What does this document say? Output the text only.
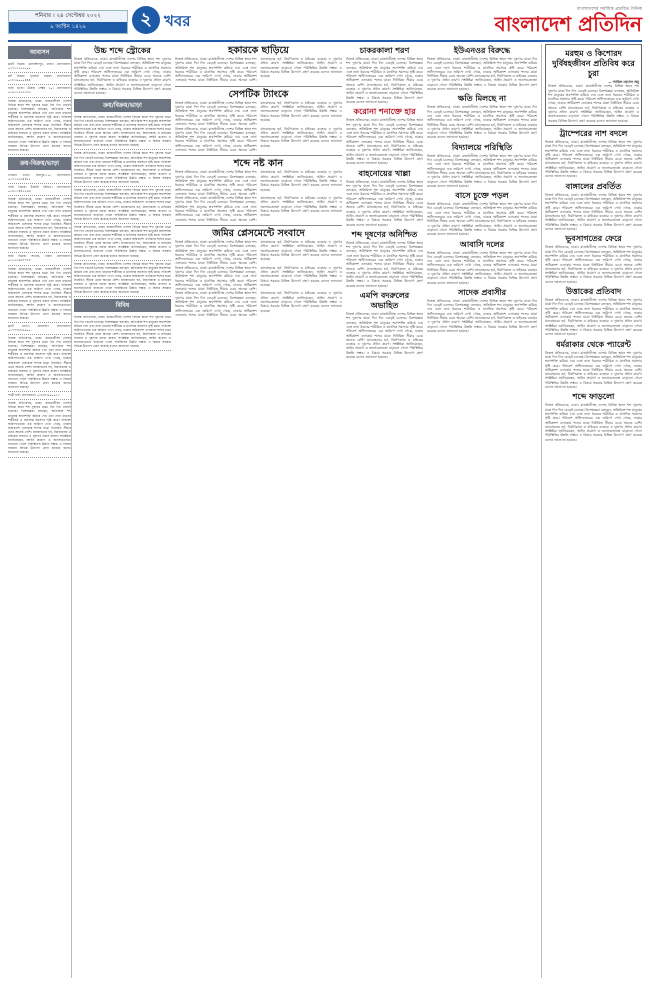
শনিবার । ২৪ সেপ্টেম্বর ২০২২
৯ আশ্বিন ১৪২৯	২ খবর
বাংলাদেশের সর্বাধিক প্রচারিত দৈনিক
বাংলাদেশ প্রতিদিন
আবাসন
ফ্ল্যাট বিক্রয়: মোহাম্মদপুর, ঢাকা। যোগাযোগ: ০১৭১১৫৫৫০০০
প্লট বিক্রয়: পূর্বাচল প্রকল্প। যোগাযোগ: ০১৮১৯০০০৪৪৪
বাড়ি ভাড়া: উত্তরা সেক্টর ১০। যোগাযোগ: ০১৯১১২২২৩৩৩
নিজস্ব প্রতিবেদক, ঢাকা। রাজধানীসহ দেশের বিভিন্ন স্থানে শব্দ দূষণের মাত্রা দিন দিন বেড়েই চলেছে। বিশেষজ্ঞরা বলছেন, অতিরিক্ত শব্দ মানুষের শ্রবণশক্তি কমিয়ে দেয় এবং নানা ধরনের শারীরিক ও মানসিক সমস্যার সৃষ্টি করে। পরিবেশ অধিদফতরের এক জরিপে দেখা গেছে, ঢাকার অধিকাংশ এলাকায় শব্দের মাত্রা নির্ধারিত সীমার চেয়ে অনেক বেশি। যানবাহনের হর্ন, নির্মাণকাজ ও মাইকের ব্যবহার এ দূষণের প্রধান কারণ। সংশ্লিষ্টরা জানিয়েছেন, আইন প্রয়োগ ও জনসচেতনতা বাড়ানো গেলে পরিস্থিতির উন্নতি সম্ভব। এ বিষয়ে সরকার বিভিন্ন উদ্যোগ গ্রহণ করেছে বলেও জানানো হয়েছে।
ক্রয়-বিক্রয়/ভাড়া
দোকান ভাড়া: মিরপুর-১০। যোগাযোগ: ০১৭১২৩৩৪৪৫৫
গাড়ি বিক্রয়: টয়োটা প্রিমিও। যোগাযোগ: ০১৬১১৪৪৫৫৬৬
নিজস্ব প্রতিবেদক, ঢাকা। রাজধানীসহ দেশের বিভিন্ন স্থানে শব্দ দূষণের মাত্রা দিন দিন বেড়েই চলেছে। বিশেষজ্ঞরা বলছেন, অতিরিক্ত শব্দ মানুষের শ্রবণশক্তি কমিয়ে দেয় এবং নানা ধরনের শারীরিক ও মানসিক সমস্যার সৃষ্টি করে। পরিবেশ অধিদফতরের এক জরিপে দেখা গেছে, ঢাকার অধিকাংশ এলাকায় শব্দের মাত্রা নির্ধারিত সীমার চেয়ে অনেক বেশি। যানবাহনের হর্ন, নির্মাণকাজ ও মাইকের ব্যবহার এ দূষণের প্রধান কারণ। সংশ্লিষ্টরা জানিয়েছেন, আইন প্রয়োগ ও জনসচেতনতা বাড়ানো গেলে পরিস্থিতির উন্নতি সম্ভব। এ বিষয়ে সরকার বিভিন্ন উদ্যোগ গ্রহণ করেছে বলেও জানানো হয়েছে।
জমি বিক্রয়: সাভার, ঢাকা। যোগাযোগ: ০১৫৫৫৬৬৭৭৮৮
নিজস্ব প্রতিবেদক, ঢাকা। রাজধানীসহ দেশের বিভিন্ন স্থানে শব্দ দূষণের মাত্রা দিন দিন বেড়েই চলেছে। বিশেষজ্ঞরা বলছেন, অতিরিক্ত শব্দ মানুষের শ্রবণশক্তি কমিয়ে দেয় এবং নানা ধরনের শারীরিক ও মানসিক সমস্যার সৃষ্টি করে। পরিবেশ অধিদফতরের এক জরিপে দেখা গেছে, ঢাকার অধিকাংশ এলাকায় শব্দের মাত্রা নির্ধারিত সীমার চেয়ে অনেক বেশি। যানবাহনের হর্ন, নির্মাণকাজ ও মাইকের ব্যবহার এ দূষণের প্রধান কারণ। সংশ্লিষ্টরা জানিয়েছেন, আইন প্রয়োগ ও জনসচেতনতা বাড়ানো গেলে পরিস্থিতির উন্নতি সম্ভব। এ বিষয়ে সরকার বিভিন্ন উদ্যোগ গ্রহণ করেছে বলেও জানানো হয়েছে।
ফ্ল্যাট ভাড়া: ধানমন্ডি। যোগাযোগ: ০১৭৭৭৮৮৯৯০০
নিজস্ব প্রতিবেদক, ঢাকা। রাজধানীসহ দেশের বিভিন্ন স্থানে শব্দ দূষণের মাত্রা দিন দিন বেড়েই চলেছে। বিশেষজ্ঞরা বলছেন, অতিরিক্ত শব্দ মানুষের শ্রবণশক্তি কমিয়ে দেয় এবং নানা ধরনের শারীরিক ও মানসিক সমস্যার সৃষ্টি করে। পরিবেশ অধিদফতরের এক জরিপে দেখা গেছে, ঢাকার অধিকাংশ এলাকায় শব্দের মাত্রা নির্ধারিত সীমার চেয়ে অনেক বেশি। যানবাহনের হর্ন, নির্মাণকাজ ও মাইকের ব্যবহার এ দূষণের প্রধান কারণ। সংশ্লিষ্টরা জানিয়েছেন, আইন প্রয়োগ ও জনসচেতনতা বাড়ানো গেলে পরিস্থিতির উন্নতি সম্ভব। এ বিষয়ে সরকার বিভিন্ন উদ্যোগ গ্রহণ করেছে বলেও জানানো হয়েছে।
পাত্রী চাই: যোগাযোগ: ০১৮৮৮৯৯০০১১
নিজস্ব প্রতিবেদক, ঢাকা। রাজধানীসহ দেশের বিভিন্ন স্থানে শব্দ দূষণের মাত্রা দিন দিন বেড়েই চলেছে। বিশেষজ্ঞরা বলছেন, অতিরিক্ত শব্দ মানুষের শ্রবণশক্তি কমিয়ে দেয় এবং নানা ধরনের শারীরিক ও মানসিক সমস্যার সৃষ্টি করে। পরিবেশ অধিদফতরের এক জরিপে দেখা গেছে, ঢাকার অধিকাংশ এলাকায় শব্দের মাত্রা নির্ধারিত সীমার চেয়ে অনেক বেশি। যানবাহনের হর্ন, নির্মাণকাজ ও মাইকের ব্যবহার এ দূষণের প্রধান কারণ। সংশ্লিষ্টরা জানিয়েছেন, আইন প্রয়োগ ও জনসচেতনতা বাড়ানো গেলে পরিস্থিতির উন্নতি সম্ভব। এ বিষয়ে সরকার বিভিন্ন উদ্যোগ গ্রহণ করেছে বলেও জানানো হয়েছে।
উচ্চ শব্দে স্ট্রোকের
নিজস্ব প্রতিবেদক, ঢাকা। রাজধানীসহ দেশের বিভিন্ন স্থানে শব্দ দূষণের মাত্রা দিন দিন বেড়েই চলেছে। বিশেষজ্ঞরা বলছেন, অতিরিক্ত শব্দ মানুষের শ্রবণশক্তি কমিয়ে দেয় এবং নানা ধরনের শারীরিক ও মানসিক সমস্যার সৃষ্টি করে। পরিবেশ অধিদফতরের এক জরিপে দেখা গেছে, ঢাকার অধিকাংশ এলাকায় শব্দের মাত্রা নির্ধারিত সীমার চেয়ে অনেক বেশি। যানবাহনের হর্ন, নির্মাণকাজ ও মাইকের ব্যবহার এ দূষণের প্রধান কারণ। সংশ্লিষ্টরা জানিয়েছেন, আইন প্রয়োগ ও জনসচেতনতা বাড়ানো গেলে পরিস্থিতির উন্নতি সম্ভব। এ বিষয়ে সরকার বিভিন্ন উদ্যোগ গ্রহণ করেছে বলেও জানানো হয়েছে।
ক্রয়/বিক্রয়/ভাড়া
নিজস্ব প্রতিবেদক, ঢাকা। রাজধানীসহ দেশের বিভিন্ন স্থানে শব্দ দূষণের মাত্রা দিন দিন বেড়েই চলেছে। বিশেষজ্ঞরা বলছেন, অতিরিক্ত শব্দ মানুষের শ্রবণশক্তি কমিয়ে দেয় এবং নানা ধরনের শারীরিক ও মানসিক সমস্যার সৃষ্টি করে। পরিবেশ অধিদফতরের এক জরিপে দেখা গেছে, ঢাকার অধিকাংশ এলাকায় শব্দের মাত্রা নির্ধারিত সীমার চেয়ে অনেক বেশি। যানবাহনের হর্ন, নির্মাণকাজ ও মাইকের ব্যবহার এ দূষণের প্রধান কারণ। সংশ্লিষ্টরা জানিয়েছেন, আইন প্রয়োগ ও জনসচেতনতা বাড়ানো গেলে পরিস্থিতির উন্নতি সম্ভব। এ বিষয়ে সরকার বিভিন্ন উদ্যোগ গ্রহণ করেছে বলেও জানানো হয়েছে।
নিজস্ব প্রতিবেদক, ঢাকা। রাজধানীসহ দেশের বিভিন্ন স্থানে শব্দ দূষণের মাত্রা দিন দিন বেড়েই চলেছে। বিশেষজ্ঞরা বলছেন, অতিরিক্ত শব্দ মানুষের শ্রবণশক্তি কমিয়ে দেয় এবং নানা ধরনের শারীরিক ও মানসিক সমস্যার সৃষ্টি করে। পরিবেশ অধিদফতরের এক জরিপে দেখা গেছে, ঢাকার অধিকাংশ এলাকায় শব্দের মাত্রা নির্ধারিত সীমার চেয়ে অনেক বেশি। যানবাহনের হর্ন, নির্মাণকাজ ও মাইকের ব্যবহার এ দূষণের প্রধান কারণ। সংশ্লিষ্টরা জানিয়েছেন, আইন প্রয়োগ ও জনসচেতনতা বাড়ানো গেলে পরিস্থিতির উন্নতি সম্ভব। এ বিষয়ে সরকার বিভিন্ন উদ্যোগ গ্রহণ করেছে বলেও জানানো হয়েছে।
নিজস্ব প্রতিবেদক, ঢাকা। রাজধানীসহ দেশের বিভিন্ন স্থানে শব্দ দূষণের মাত্রা দিন দিন বেড়েই চলেছে। বিশেষজ্ঞরা বলছেন, অতিরিক্ত শব্দ মানুষের শ্রবণশক্তি কমিয়ে দেয় এবং নানা ধরনের শারীরিক ও মানসিক সমস্যার সৃষ্টি করে। পরিবেশ অধিদফতরের এক জরিপে দেখা গেছে, ঢাকার অধিকাংশ এলাকায় শব্দের মাত্রা নির্ধারিত সীমার চেয়ে অনেক বেশি। যানবাহনের হর্ন, নির্মাণকাজ ও মাইকের ব্যবহার এ দূষণের প্রধান কারণ। সংশ্লিষ্টরা জানিয়েছেন, আইন প্রয়োগ ও জনসচেতনতা বাড়ানো গেলে পরিস্থিতির উন্নতি সম্ভব। এ বিষয়ে সরকার বিভিন্ন উদ্যোগ গ্রহণ করেছে বলেও জানানো হয়েছে।
নিজস্ব প্রতিবেদক, ঢাকা। রাজধানীসহ দেশের বিভিন্ন স্থানে শব্দ দূষণের মাত্রা দিন দিন বেড়েই চলেছে। বিশেষজ্ঞরা বলছেন, অতিরিক্ত শব্দ মানুষের শ্রবণশক্তি কমিয়ে দেয় এবং নানা ধরনের শারীরিক ও মানসিক সমস্যার সৃষ্টি করে। পরিবেশ অধিদফতরের এক জরিপে দেখা গেছে, ঢাকার অধিকাংশ এলাকায় শব্দের মাত্রা নির্ধারিত সীমার চেয়ে অনেক বেশি। যানবাহনের হর্ন, নির্মাণকাজ ও মাইকের ব্যবহার এ দূষণের প্রধান কারণ। সংশ্লিষ্টরা জানিয়েছেন, আইন প্রয়োগ ও জনসচেতনতা বাড়ানো গেলে পরিস্থিতির উন্নতি সম্ভব। এ বিষয়ে সরকার বিভিন্ন উদ্যোগ গ্রহণ করেছে বলেও জানানো হয়েছে।
নিজস্ব প্রতিবেদক, ঢাকা। রাজধানীসহ দেশের বিভিন্ন স্থানে শব্দ দূষণের মাত্রা দিন দিন বেড়েই চলেছে। বিশেষজ্ঞরা বলছেন, অতিরিক্ত শব্দ মানুষের শ্রবণশক্তি কমিয়ে দেয় এবং নানা ধরনের শারীরিক ও মানসিক সমস্যার সৃষ্টি করে। পরিবেশ অধিদফতরের এক জরিপে দেখা গেছে, ঢাকার অধিকাংশ এলাকায় শব্দের মাত্রা নির্ধারিত সীমার চেয়ে অনেক বেশি। যানবাহনের হর্ন, নির্মাণকাজ ও মাইকের ব্যবহার এ দূষণের প্রধান কারণ। সংশ্লিষ্টরা জানিয়েছেন, আইন প্রয়োগ ও জনসচেতনতা বাড়ানো গেলে পরিস্থিতির উন্নতি সম্ভব। এ বিষয়ে সরকার বিভিন্ন উদ্যোগ গ্রহণ করেছে বলেও জানানো হয়েছে।
বিবিধ
নিজস্ব প্রতিবেদক, ঢাকা। রাজধানীসহ দেশের বিভিন্ন স্থানে শব্দ দূষণের মাত্রা দিন দিন বেড়েই চলেছে। বিশেষজ্ঞরা বলছেন, অতিরিক্ত শব্দ মানুষের শ্রবণশক্তি কমিয়ে দেয় এবং নানা ধরনের শারীরিক ও মানসিক সমস্যার সৃষ্টি করে। পরিবেশ অধিদফতরের এক জরিপে দেখা গেছে, ঢাকার অধিকাংশ এলাকায় শব্দের মাত্রা নির্ধারিত সীমার চেয়ে অনেক বেশি। যানবাহনের হর্ন, নির্মাণকাজ ও মাইকের ব্যবহার এ দূষণের প্রধান কারণ। সংশ্লিষ্টরা জানিয়েছেন, আইন প্রয়োগ ও জনসচেতনতা বাড়ানো গেলে পরিস্থিতির উন্নতি সম্ভব। এ বিষয়ে সরকার বিভিন্ন উদ্যোগ গ্রহণ করেছে বলেও জানানো হয়েছে।
হকারকে ছাড়িয়ে
নিজস্ব প্রতিবেদক, ঢাকা। রাজধানীসহ দেশের বিভিন্ন স্থানে শব্দ দূষণের মাত্রা দিন দিন বেড়েই চলেছে। বিশেষজ্ঞরা বলছেন, অতিরিক্ত শব্দ মানুষের শ্রবণশক্তি কমিয়ে দেয় এবং নানা ধরনের শারীরিক ও মানসিক সমস্যার সৃষ্টি করে। পরিবেশ অধিদফতরের এক জরিপে দেখা গেছে, ঢাকার অধিকাংশ এলাকায় শব্দের মাত্রা নির্ধারিত সীমার চেয়ে অনেক বেশি। যানবাহনের হর্ন, নির্মাণকাজ ও মাইকের ব্যবহার এ দূষণের প্রধান কারণ। সংশ্লিষ্টরা জানিয়েছেন, আইন প্রয়োগ ও জনসচেতনতা বাড়ানো গেলে পরিস্থিতির উন্নতি সম্ভব। এ বিষয়ে সরকার বিভিন্ন উদ্যোগ গ্রহণ করেছে বলেও জানানো হয়েছে।
সেপটিক ট্যাংকে
নিজস্ব প্রতিবেদক, ঢাকা। রাজধানীসহ দেশের বিভিন্ন স্থানে শব্দ দূষণের মাত্রা দিন দিন বেড়েই চলেছে। বিশেষজ্ঞরা বলছেন, অতিরিক্ত শব্দ মানুষের শ্রবণশক্তি কমিয়ে দেয় এবং নানা ধরনের শারীরিক ও মানসিক সমস্যার সৃষ্টি করে। পরিবেশ অধিদফতরের এক জরিপে দেখা গেছে, ঢাকার অধিকাংশ এলাকায় শব্দের মাত্রা নির্ধারিত সীমার চেয়ে অনেক বেশি। যানবাহনের হর্ন, নির্মাণকাজ ও মাইকের ব্যবহার এ দূষণের প্রধান কারণ। সংশ্লিষ্টরা জানিয়েছেন, আইন প্রয়োগ ও জনসচেতনতা বাড়ানো গেলে পরিস্থিতির উন্নতি সম্ভব। এ বিষয়ে সরকার বিভিন্ন উদ্যোগ গ্রহণ করেছে বলেও জানানো হয়েছে।
নিজস্ব প্রতিবেদক, ঢাকা। রাজধানীসহ দেশের বিভিন্ন স্থানে শব্দ দূষণের মাত্রা দিন দিন বেড়েই চলেছে। বিশেষজ্ঞরা বলছেন, অতিরিক্ত শব্দ মানুষের শ্রবণশক্তি কমিয়ে দেয় এবং নানা ধরনের শারীরিক ও মানসিক সমস্যার সৃষ্টি করে। পরিবেশ অধিদফতরের এক জরিপে দেখা গেছে, ঢাকার অধিকাংশ এলাকায় শব্দের মাত্রা নির্ধারিত সীমার চেয়ে অনেক বেশি। যানবাহনের হর্ন, নির্মাণকাজ ও মাইকের ব্যবহার এ দূষণের প্রধান কারণ। সংশ্লিষ্টরা জানিয়েছেন, আইন প্রয়োগ ও জনসচেতনতা বাড়ানো গেলে পরিস্থিতির উন্নতি সম্ভব। এ বিষয়ে সরকার বিভিন্ন উদ্যোগ গ্রহণ করেছে বলেও জানানো হয়েছে।
শব্দে নষ্ট কান
নিজস্ব প্রতিবেদক, ঢাকা। রাজধানীসহ দেশের বিভিন্ন স্থানে শব্দ দূষণের মাত্রা দিন দিন বেড়েই চলেছে। বিশেষজ্ঞরা বলছেন, অতিরিক্ত শব্দ মানুষের শ্রবণশক্তি কমিয়ে দেয় এবং নানা ধরনের শারীরিক ও মানসিক সমস্যার সৃষ্টি করে। পরিবেশ অধিদফতরের এক জরিপে দেখা গেছে, ঢাকার অধিকাংশ এলাকায় শব্দের মাত্রা নির্ধারিত সীমার চেয়ে অনেক বেশি। যানবাহনের হর্ন, নির্মাণকাজ ও মাইকের ব্যবহার এ দূষণের প্রধান কারণ। সংশ্লিষ্টরা জানিয়েছেন, আইন প্রয়োগ ও জনসচেতনতা বাড়ানো গেলে পরিস্থিতির উন্নতি সম্ভব। এ বিষয়ে সরকার বিভিন্ন উদ্যোগ গ্রহণ করেছে বলেও জানানো হয়েছে।
নিজস্ব প্রতিবেদক, ঢাকা। রাজধানীসহ দেশের বিভিন্ন স্থানে শব্দ দূষণের মাত্রা দিন দিন বেড়েই চলেছে। বিশেষজ্ঞরা বলছেন, অতিরিক্ত শব্দ মানুষের শ্রবণশক্তি কমিয়ে দেয় এবং নানা ধরনের শারীরিক ও মানসিক সমস্যার সৃষ্টি করে। পরিবেশ অধিদফতরের এক জরিপে দেখা গেছে, ঢাকার অধিকাংশ এলাকায় শব্দের মাত্রা নির্ধারিত সীমার চেয়ে অনেক বেশি। যানবাহনের হর্ন, নির্মাণকাজ ও মাইকের ব্যবহার এ দূষণের প্রধান কারণ। সংশ্লিষ্টরা জানিয়েছেন, আইন প্রয়োগ ও জনসচেতনতা বাড়ানো গেলে পরিস্থিতির উন্নতি সম্ভব। এ বিষয়ে সরকার বিভিন্ন উদ্যোগ গ্রহণ করেছে বলেও জানানো হয়েছে।
জমির প্লেসমেন্টে সংবাদে
নিজস্ব প্রতিবেদক, ঢাকা। রাজধানীসহ দেশের বিভিন্ন স্থানে শব্দ দূষণের মাত্রা দিন দিন বেড়েই চলেছে। বিশেষজ্ঞরা বলছেন, অতিরিক্ত শব্দ মানুষের শ্রবণশক্তি কমিয়ে দেয় এবং নানা ধরনের শারীরিক ও মানসিক সমস্যার সৃষ্টি করে। পরিবেশ অধিদফতরের এক জরিপে দেখা গেছে, ঢাকার অধিকাংশ এলাকায় শব্দের মাত্রা নির্ধারিত সীমার চেয়ে অনেক বেশি। যানবাহনের হর্ন, নির্মাণকাজ ও মাইকের ব্যবহার এ দূষণের প্রধান কারণ। সংশ্লিষ্টরা জানিয়েছেন, আইন প্রয়োগ ও জনসচেতনতা বাড়ানো গেলে পরিস্থিতির উন্নতি সম্ভব। এ বিষয়ে সরকার বিভিন্ন উদ্যোগ গ্রহণ করেছে বলেও জানানো হয়েছে।
নিজস্ব প্রতিবেদক, ঢাকা। রাজধানীসহ দেশের বিভিন্ন স্থানে শব্দ দূষণের মাত্রা দিন দিন বেড়েই চলেছে। বিশেষজ্ঞরা বলছেন, অতিরিক্ত শব্দ মানুষের শ্রবণশক্তি কমিয়ে দেয় এবং নানা ধরনের শারীরিক ও মানসিক সমস্যার সৃষ্টি করে। পরিবেশ অধিদফতরের এক জরিপে দেখা গেছে, ঢাকার অধিকাংশ এলাকায় শব্দের মাত্রা নির্ধারিত সীমার চেয়ে অনেক বেশি। যানবাহনের হর্ন, নির্মাণকাজ ও মাইকের ব্যবহার এ দূষণের প্রধান কারণ। সংশ্লিষ্টরা জানিয়েছেন, আইন প্রয়োগ ও জনসচেতনতা বাড়ানো গেলে পরিস্থিতির উন্নতি সম্ভব। এ বিষয়ে সরকার বিভিন্ন উদ্যোগ গ্রহণ করেছে বলেও জানানো হয়েছে।
নিজস্ব প্রতিবেদক, ঢাকা। রাজধানীসহ দেশের বিভিন্ন স্থানে শব্দ দূষণের মাত্রা দিন দিন বেড়েই চলেছে। বিশেষজ্ঞরা বলছেন, অতিরিক্ত শব্দ মানুষের শ্রবণশক্তি কমিয়ে দেয় এবং নানা ধরনের শারীরিক ও মানসিক সমস্যার সৃষ্টি করে। পরিবেশ অধিদফতরের এক জরিপে দেখা গেছে, ঢাকার অধিকাংশ এলাকায় শব্দের মাত্রা নির্ধারিত সীমার চেয়ে অনেক বেশি। যানবাহনের হর্ন, নির্মাণকাজ ও মাইকের ব্যবহার এ দূষণের প্রধান কারণ। সংশ্লিষ্টরা জানিয়েছেন, আইন প্রয়োগ ও জনসচেতনতা বাড়ানো গেলে পরিস্থিতির উন্নতি সম্ভব। এ বিষয়ে সরকার বিভিন্ন উদ্যোগ গ্রহণ করেছে বলেও জানানো হয়েছে।
চাকরকালা শরণ
নিজস্ব প্রতিবেদক, ঢাকা। রাজধানীসহ দেশের বিভিন্ন স্থানে শব্দ দূষণের মাত্রা দিন দিন বেড়েই চলেছে। বিশেষজ্ঞরা বলছেন, অতিরিক্ত শব্দ মানুষের শ্রবণশক্তি কমিয়ে দেয় এবং নানা ধরনের শারীরিক ও মানসিক সমস্যার সৃষ্টি করে। পরিবেশ অধিদফতরের এক জরিপে দেখা গেছে, ঢাকার অধিকাংশ এলাকায় শব্দের মাত্রা নির্ধারিত সীমার চেয়ে অনেক বেশি। যানবাহনের হর্ন, নির্মাণকাজ ও মাইকের ব্যবহার এ দূষণের প্রধান কারণ। সংশ্লিষ্টরা জানিয়েছেন, আইন প্রয়োগ ও জনসচেতনতা বাড়ানো গেলে পরিস্থিতির উন্নতি সম্ভব। এ বিষয়ে সরকার বিভিন্ন উদ্যোগ গ্রহণ করেছে বলেও জানানো হয়েছে।
করোনা শনাক্তে হার
নিজস্ব প্রতিবেদক, ঢাকা। রাজধানীসহ দেশের বিভিন্ন স্থানে শব্দ দূষণের মাত্রা দিন দিন বেড়েই চলেছে। বিশেষজ্ঞরা বলছেন, অতিরিক্ত শব্দ মানুষের শ্রবণশক্তি কমিয়ে দেয় এবং নানা ধরনের শারীরিক ও মানসিক সমস্যার সৃষ্টি করে। পরিবেশ অধিদফতরের এক জরিপে দেখা গেছে, ঢাকার অধিকাংশ এলাকায় শব্দের মাত্রা নির্ধারিত সীমার চেয়ে অনেক বেশি। যানবাহনের হর্ন, নির্মাণকাজ ও মাইকের ব্যবহার এ দূষণের প্রধান কারণ। সংশ্লিষ্টরা জানিয়েছেন, আইন প্রয়োগ ও জনসচেতনতা বাড়ানো গেলে পরিস্থিতির উন্নতি সম্ভব। এ বিষয়ে সরকার বিভিন্ন উদ্যোগ গ্রহণ করেছে বলেও জানানো হয়েছে।
বাহনোয়ের খাল্লা
নিজস্ব প্রতিবেদক, ঢাকা। রাজধানীসহ দেশের বিভিন্ন স্থানে শব্দ দূষণের মাত্রা দিন দিন বেড়েই চলেছে। বিশেষজ্ঞরা বলছেন, অতিরিক্ত শব্দ মানুষের শ্রবণশক্তি কমিয়ে দেয় এবং নানা ধরনের শারীরিক ও মানসিক সমস্যার সৃষ্টি করে। পরিবেশ অধিদফতরের এক জরিপে দেখা গেছে, ঢাকার অধিকাংশ এলাকায় শব্দের মাত্রা নির্ধারিত সীমার চেয়ে অনেক বেশি। যানবাহনের হর্ন, নির্মাণকাজ ও মাইকের ব্যবহার এ দূষণের প্রধান কারণ। সংশ্লিষ্টরা জানিয়েছেন, আইন প্রয়োগ ও জনসচেতনতা বাড়ানো গেলে পরিস্থিতির উন্নতি সম্ভব। এ বিষয়ে সরকার বিভিন্ন উদ্যোগ গ্রহণ করেছে বলেও জানানো হয়েছে।
শব্দ দূষণের অনিশ্চিত
নিজস্ব প্রতিবেদক, ঢাকা। রাজধানীসহ দেশের বিভিন্ন স্থানে শব্দ দূষণের মাত্রা দিন দিন বেড়েই চলেছে। বিশেষজ্ঞরা বলছেন, অতিরিক্ত শব্দ মানুষের শ্রবণশক্তি কমিয়ে দেয় এবং নানা ধরনের শারীরিক ও মানসিক সমস্যার সৃষ্টি করে। পরিবেশ অধিদফতরের এক জরিপে দেখা গেছে, ঢাকার অধিকাংশ এলাকায় শব্দের মাত্রা নির্ধারিত সীমার চেয়ে অনেক বেশি। যানবাহনের হর্ন, নির্মাণকাজ ও মাইকের ব্যবহার এ দূষণের প্রধান কারণ। সংশ্লিষ্টরা জানিয়েছেন, আইন প্রয়োগ ও জনসচেতনতা বাড়ানো গেলে পরিস্থিতির উন্নতি সম্ভব। এ বিষয়ে সরকার বিভিন্ন উদ্যোগ গ্রহণ করেছে বলেও জানানো হয়েছে।
এমপি বদরুলের অভাহিত
নিজস্ব প্রতিবেদক, ঢাকা। রাজধানীসহ দেশের বিভিন্ন স্থানে শব্দ দূষণের মাত্রা দিন দিন বেড়েই চলেছে। বিশেষজ্ঞরা বলছেন, অতিরিক্ত শব্দ মানুষের শ্রবণশক্তি কমিয়ে দেয় এবং নানা ধরনের শারীরিক ও মানসিক সমস্যার সৃষ্টি করে। পরিবেশ অধিদফতরের এক জরিপে দেখা গেছে, ঢাকার অধিকাংশ এলাকায় শব্দের মাত্রা নির্ধারিত সীমার চেয়ে অনেক বেশি। যানবাহনের হর্ন, নির্মাণকাজ ও মাইকের ব্যবহার এ দূষণের প্রধান কারণ। সংশ্লিষ্টরা জানিয়েছেন, আইন প্রয়োগ ও জনসচেতনতা বাড়ানো গেলে পরিস্থিতির উন্নতি সম্ভব। এ বিষয়ে সরকার বিভিন্ন উদ্যোগ গ্রহণ করেছে বলেও জানানো হয়েছে।
ইউএনওর বিরুদ্ধে
নিজস্ব প্রতিবেদক, ঢাকা। রাজধানীসহ দেশের বিভিন্ন স্থানে শব্দ দূষণের মাত্রা দিন দিন বেড়েই চলেছে। বিশেষজ্ঞরা বলছেন, অতিরিক্ত শব্দ মানুষের শ্রবণশক্তি কমিয়ে দেয় এবং নানা ধরনের শারীরিক ও মানসিক সমস্যার সৃষ্টি করে। পরিবেশ অধিদফতরের এক জরিপে দেখা গেছে, ঢাকার অধিকাংশ এলাকায় শব্দের মাত্রা নির্ধারিত সীমার চেয়ে অনেক বেশি। যানবাহনের হর্ন, নির্মাণকাজ ও মাইকের ব্যবহার এ দূষণের প্রধান কারণ। সংশ্লিষ্টরা জানিয়েছেন, আইন প্রয়োগ ও জনসচেতনতা বাড়ানো গেলে পরিস্থিতির উন্নতি সম্ভব। এ বিষয়ে সরকার বিভিন্ন উদ্যোগ গ্রহণ করেছে বলেও জানানো হয়েছে।
ক্ষতি মিলছে না
নিজস্ব প্রতিবেদক, ঢাকা। রাজধানীসহ দেশের বিভিন্ন স্থানে শব্দ দূষণের মাত্রা দিন দিন বেড়েই চলেছে। বিশেষজ্ঞরা বলছেন, অতিরিক্ত শব্দ মানুষের শ্রবণশক্তি কমিয়ে দেয় এবং নানা ধরনের শারীরিক ও মানসিক সমস্যার সৃষ্টি করে। পরিবেশ অধিদফতরের এক জরিপে দেখা গেছে, ঢাকার অধিকাংশ এলাকায় শব্দের মাত্রা নির্ধারিত সীমার চেয়ে অনেক বেশি। যানবাহনের হর্ন, নির্মাণকাজ ও মাইকের ব্যবহার এ দূষণের প্রধান কারণ। সংশ্লিষ্টরা জানিয়েছেন, আইন প্রয়োগ ও জনসচেতনতা বাড়ানো গেলে পরিস্থিতির উন্নতি সম্ভব। এ বিষয়ে সরকার বিভিন্ন উদ্যোগ গ্রহণ করেছে বলেও জানানো হয়েছে।
বিদ্যালয়ে পরিস্থিতি
নিজস্ব প্রতিবেদক, ঢাকা। রাজধানীসহ দেশের বিভিন্ন স্থানে শব্দ দূষণের মাত্রা দিন দিন বেড়েই চলেছে। বিশেষজ্ঞরা বলছেন, অতিরিক্ত শব্দ মানুষের শ্রবণশক্তি কমিয়ে দেয় এবং নানা ধরনের শারীরিক ও মানসিক সমস্যার সৃষ্টি করে। পরিবেশ অধিদফতরের এক জরিপে দেখা গেছে, ঢাকার অধিকাংশ এলাকায় শব্দের মাত্রা নির্ধারিত সীমার চেয়ে অনেক বেশি। যানবাহনের হর্ন, নির্মাণকাজ ও মাইকের ব্যবহার এ দূষণের প্রধান কারণ। সংশ্লিষ্টরা জানিয়েছেন, আইন প্রয়োগ ও জনসচেতনতা বাড়ানো গেলে পরিস্থিতির উন্নতি সম্ভব। এ বিষয়ে সরকার বিভিন্ন উদ্যোগ গ্রহণ করেছে বলেও জানানো হয়েছে।
বাসে চুক্তে পড়ল
নিজস্ব প্রতিবেদক, ঢাকা। রাজধানীসহ দেশের বিভিন্ন স্থানে শব্দ দূষণের মাত্রা দিন দিন বেড়েই চলেছে। বিশেষজ্ঞরা বলছেন, অতিরিক্ত শব্দ মানুষের শ্রবণশক্তি কমিয়ে দেয় এবং নানা ধরনের শারীরিক ও মানসিক সমস্যার সৃষ্টি করে। পরিবেশ অধিদফতরের এক জরিপে দেখা গেছে, ঢাকার অধিকাংশ এলাকায় শব্দের মাত্রা নির্ধারিত সীমার চেয়ে অনেক বেশি। যানবাহনের হর্ন, নির্মাণকাজ ও মাইকের ব্যবহার এ দূষণের প্রধান কারণ। সংশ্লিষ্টরা জানিয়েছেন, আইন প্রয়োগ ও জনসচেতনতা বাড়ানো গেলে পরিস্থিতির উন্নতি সম্ভব। এ বিষয়ে সরকার বিভিন্ন উদ্যোগ গ্রহণ করেছে বলেও জানানো হয়েছে।
আবাসি দলের
নিজস্ব প্রতিবেদক, ঢাকা। রাজধানীসহ দেশের বিভিন্ন স্থানে শব্দ দূষণের মাত্রা দিন দিন বেড়েই চলেছে। বিশেষজ্ঞরা বলছেন, অতিরিক্ত শব্দ মানুষের শ্রবণশক্তি কমিয়ে দেয় এবং নানা ধরনের শারীরিক ও মানসিক সমস্যার সৃষ্টি করে। পরিবেশ অধিদফতরের এক জরিপে দেখা গেছে, ঢাকার অধিকাংশ এলাকায় শব্দের মাত্রা নির্ধারিত সীমার চেয়ে অনেক বেশি। যানবাহনের হর্ন, নির্মাণকাজ ও মাইকের ব্যবহার এ দূষণের প্রধান কারণ। সংশ্লিষ্টরা জানিয়েছেন, আইন প্রয়োগ ও জনসচেতনতা বাড়ানো গেলে পরিস্থিতির উন্নতি সম্ভব। এ বিষয়ে সরকার বিভিন্ন উদ্যোগ গ্রহণ করেছে বলেও জানানো হয়েছে।
সাদেক প্রবাসীর
নিজস্ব প্রতিবেদক, ঢাকা। রাজধানীসহ দেশের বিভিন্ন স্থানে শব্দ দূষণের মাত্রা দিন দিন বেড়েই চলেছে। বিশেষজ্ঞরা বলছেন, অতিরিক্ত শব্দ মানুষের শ্রবণশক্তি কমিয়ে দেয় এবং নানা ধরনের শারীরিক ও মানসিক সমস্যার সৃষ্টি করে। পরিবেশ অধিদফতরের এক জরিপে দেখা গেছে, ঢাকার অধিকাংশ এলাকায় শব্দের মাত্রা নির্ধারিত সীমার চেয়ে অনেক বেশি। যানবাহনের হর্ন, নির্মাণকাজ ও মাইকের ব্যবহার এ দূষণের প্রধান কারণ। সংশ্লিষ্টরা জানিয়েছেন, আইন প্রয়োগ ও জনসচেতনতা বাড়ানো গেলে পরিস্থিতির উন্নতি সম্ভব। এ বিষয়ে সরকার বিভিন্ন উদ্যোগ গ্রহণ করেছে বলেও জানানো হয়েছে।
মরহুম ও কিশোরদ দুর্বিষহজীবন প্রতিবিধ করে চুরা
— আরিফ হোসেন অমু
নিজস্ব প্রতিবেদক, ঢাকা। রাজধানীসহ দেশের বিভিন্ন স্থানে শব্দ দূষণের মাত্রা দিন দিন বেড়েই চলেছে। বিশেষজ্ঞরা বলছেন, অতিরিক্ত শব্দ মানুষের শ্রবণশক্তি কমিয়ে দেয় এবং নানা ধরনের শারীরিক ও মানসিক সমস্যার সৃষ্টি করে। পরিবেশ অধিদফতরের এক জরিপে দেখা গেছে, ঢাকার অধিকাংশ এলাকায় শব্দের মাত্রা নির্ধারিত সীমার চেয়ে অনেক বেশি। যানবাহনের হর্ন, নির্মাণকাজ ও মাইকের ব্যবহার এ দূষণের প্রধান কারণ। সংশ্লিষ্টরা জানিয়েছেন, আইন প্রয়োগ ও জনসচেতনতা বাড়ানো গেলে পরিস্থিতির উন্নতি সম্ভব। এ বিষয়ে সরকার বিভিন্ন উদ্যোগ গ্রহণ করেছে বলেও জানানো হয়েছে।
ট্রাম্পেরের নাশ বদলে
নিজস্ব প্রতিবেদক, ঢাকা। রাজধানীসহ দেশের বিভিন্ন স্থানে শব্দ দূষণের মাত্রা দিন দিন বেড়েই চলেছে। বিশেষজ্ঞরা বলছেন, অতিরিক্ত শব্দ মানুষের শ্রবণশক্তি কমিয়ে দেয় এবং নানা ধরনের শারীরিক ও মানসিক সমস্যার সৃষ্টি করে। পরিবেশ অধিদফতরের এক জরিপে দেখা গেছে, ঢাকার অধিকাংশ এলাকায় শব্দের মাত্রা নির্ধারিত সীমার চেয়ে অনেক বেশি। যানবাহনের হর্ন, নির্মাণকাজ ও মাইকের ব্যবহার এ দূষণের প্রধান কারণ। সংশ্লিষ্টরা জানিয়েছেন, আইন প্রয়োগ ও জনসচেতনতা বাড়ানো গেলে পরিস্থিতির উন্নতি সম্ভব। এ বিষয়ে সরকার বিভিন্ন উদ্যোগ গ্রহণ করেছে বলেও জানানো হয়েছে।
বাঙ্গালের প্রবর্তিত
নিজস্ব প্রতিবেদক, ঢাকা। রাজধানীসহ দেশের বিভিন্ন স্থানে শব্দ দূষণের মাত্রা দিন দিন বেড়েই চলেছে। বিশেষজ্ঞরা বলছেন, অতিরিক্ত শব্দ মানুষের শ্রবণশক্তি কমিয়ে দেয় এবং নানা ধরনের শারীরিক ও মানসিক সমস্যার সৃষ্টি করে। পরিবেশ অধিদফতরের এক জরিপে দেখা গেছে, ঢাকার অধিকাংশ এলাকায় শব্দের মাত্রা নির্ধারিত সীমার চেয়ে অনেক বেশি। যানবাহনের হর্ন, নির্মাণকাজ ও মাইকের ব্যবহার এ দূষণের প্রধান কারণ। সংশ্লিষ্টরা জানিয়েছেন, আইন প্রয়োগ ও জনসচেতনতা বাড়ানো গেলে পরিস্থিতির উন্নতি সম্ভব। এ বিষয়ে সরকার বিভিন্ন উদ্যোগ গ্রহণ করেছে বলেও জানানো হয়েছে।
ভূবসাগতের ফেরে
নিজস্ব প্রতিবেদক, ঢাকা। রাজধানীসহ দেশের বিভিন্ন স্থানে শব্দ দূষণের মাত্রা দিন দিন বেড়েই চলেছে। বিশেষজ্ঞরা বলছেন, অতিরিক্ত শব্দ মানুষের শ্রবণশক্তি কমিয়ে দেয় এবং নানা ধরনের শারীরিক ও মানসিক সমস্যার সৃষ্টি করে। পরিবেশ অধিদফতরের এক জরিপে দেখা গেছে, ঢাকার অধিকাংশ এলাকায় শব্দের মাত্রা নির্ধারিত সীমার চেয়ে অনেক বেশি। যানবাহনের হর্ন, নির্মাণকাজ ও মাইকের ব্যবহার এ দূষণের প্রধান কারণ। সংশ্লিষ্টরা জানিয়েছেন, আইন প্রয়োগ ও জনসচেতনতা বাড়ানো গেলে পরিস্থিতির উন্নতি সম্ভব। এ বিষয়ে সরকার বিভিন্ন উদ্যোগ গ্রহণ করেছে বলেও জানানো হয়েছে।
উত্তাকের প্রতিবাদ
নিজস্ব প্রতিবেদক, ঢাকা। রাজধানীসহ দেশের বিভিন্ন স্থানে শব্দ দূষণের মাত্রা দিন দিন বেড়েই চলেছে। বিশেষজ্ঞরা বলছেন, অতিরিক্ত শব্দ মানুষের শ্রবণশক্তি কমিয়ে দেয় এবং নানা ধরনের শারীরিক ও মানসিক সমস্যার সৃষ্টি করে। পরিবেশ অধিদফতরের এক জরিপে দেখা গেছে, ঢাকার অধিকাংশ এলাকায় শব্দের মাত্রা নির্ধারিত সীমার চেয়ে অনেক বেশি। যানবাহনের হর্ন, নির্মাণকাজ ও মাইকের ব্যবহার এ দূষণের প্রধান কারণ। সংশ্লিষ্টরা জানিয়েছেন, আইন প্রয়োগ ও জনসচেতনতা বাড়ানো গেলে পরিস্থিতির উন্নতি সম্ভব। এ বিষয়ে সরকার বিভিন্ন উদ্যোগ গ্রহণ করেছে বলেও জানানো হয়েছে।
ধর্মরাকার থেকে প্যারেন্ট
নিজস্ব প্রতিবেদক, ঢাকা। রাজধানীসহ দেশের বিভিন্ন স্থানে শব্দ দূষণের মাত্রা দিন দিন বেড়েই চলেছে। বিশেষজ্ঞরা বলছেন, অতিরিক্ত শব্দ মানুষের শ্রবণশক্তি কমিয়ে দেয় এবং নানা ধরনের শারীরিক ও মানসিক সমস্যার সৃষ্টি করে। পরিবেশ অধিদফতরের এক জরিপে দেখা গেছে, ঢাকার অধিকাংশ এলাকায় শব্দের মাত্রা নির্ধারিত সীমার চেয়ে অনেক বেশি। যানবাহনের হর্ন, নির্মাণকাজ ও মাইকের ব্যবহার এ দূষণের প্রধান কারণ। সংশ্লিষ্টরা জানিয়েছেন, আইন প্রয়োগ ও জনসচেতনতা বাড়ানো গেলে পরিস্থিতির উন্নতি সম্ভব। এ বিষয়ে সরকার বিভিন্ন উদ্যোগ গ্রহণ করেছে বলেও জানানো হয়েছে।
শব্দে ফাড়লো
নিজস্ব প্রতিবেদক, ঢাকা। রাজধানীসহ দেশের বিভিন্ন স্থানে শব্দ দূষণের মাত্রা দিন দিন বেড়েই চলেছে। বিশেষজ্ঞরা বলছেন, অতিরিক্ত শব্দ মানুষের শ্রবণশক্তি কমিয়ে দেয় এবং নানা ধরনের শারীরিক ও মানসিক সমস্যার সৃষ্টি করে। পরিবেশ অধিদফতরের এক জরিপে দেখা গেছে, ঢাকার অধিকাংশ এলাকায় শব্দের মাত্রা নির্ধারিত সীমার চেয়ে অনেক বেশি। যানবাহনের হর্ন, নির্মাণকাজ ও মাইকের ব্যবহার এ দূষণের প্রধান কারণ। সংশ্লিষ্টরা জানিয়েছেন, আইন প্রয়োগ ও জনসচেতনতা বাড়ানো গেলে পরিস্থিতির উন্নতি সম্ভব। এ বিষয়ে সরকার বিভিন্ন উদ্যোগ গ্রহণ করেছে বলেও জানানো হয়েছে।
